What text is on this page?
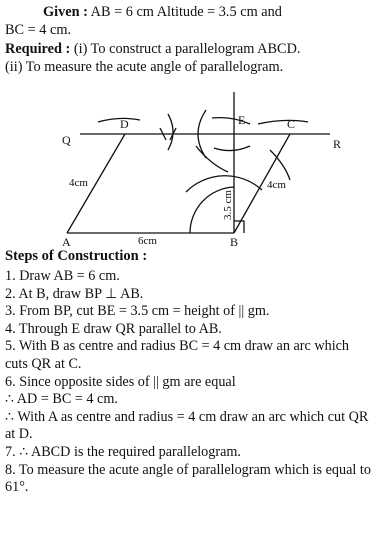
Given : AB = 6 cm Altitude = 3.5 cm and
BC = 4 cm.
Required : (i) To construct a parallelogram ABCD.
(ii) To measure the acute angle of parallelogram.
Q
D	E	C
R
A	B
4cm	4cm
6cm
3.5 cm
Steps of Construction :
1. Draw AB = 6 cm.
2. At B, draw BP ⊥ AB.
3. From BP, cut BE = 3.5 cm = height of || gm.
4. Through E draw QR parallel to AB.
5. With B as centre and radius BC = 4 cm draw an arc which cuts QR at C.
6. Since opposite sides of || gm are equal
∴ AD = BC = 4 cm.
∴ With A as centre and radius = 4 cm draw an arc which cut QR at D.
7. ∴ ABCD is the required parallelogram.
8. To measure the acute angle of parallelogram which is equal to 61°.
